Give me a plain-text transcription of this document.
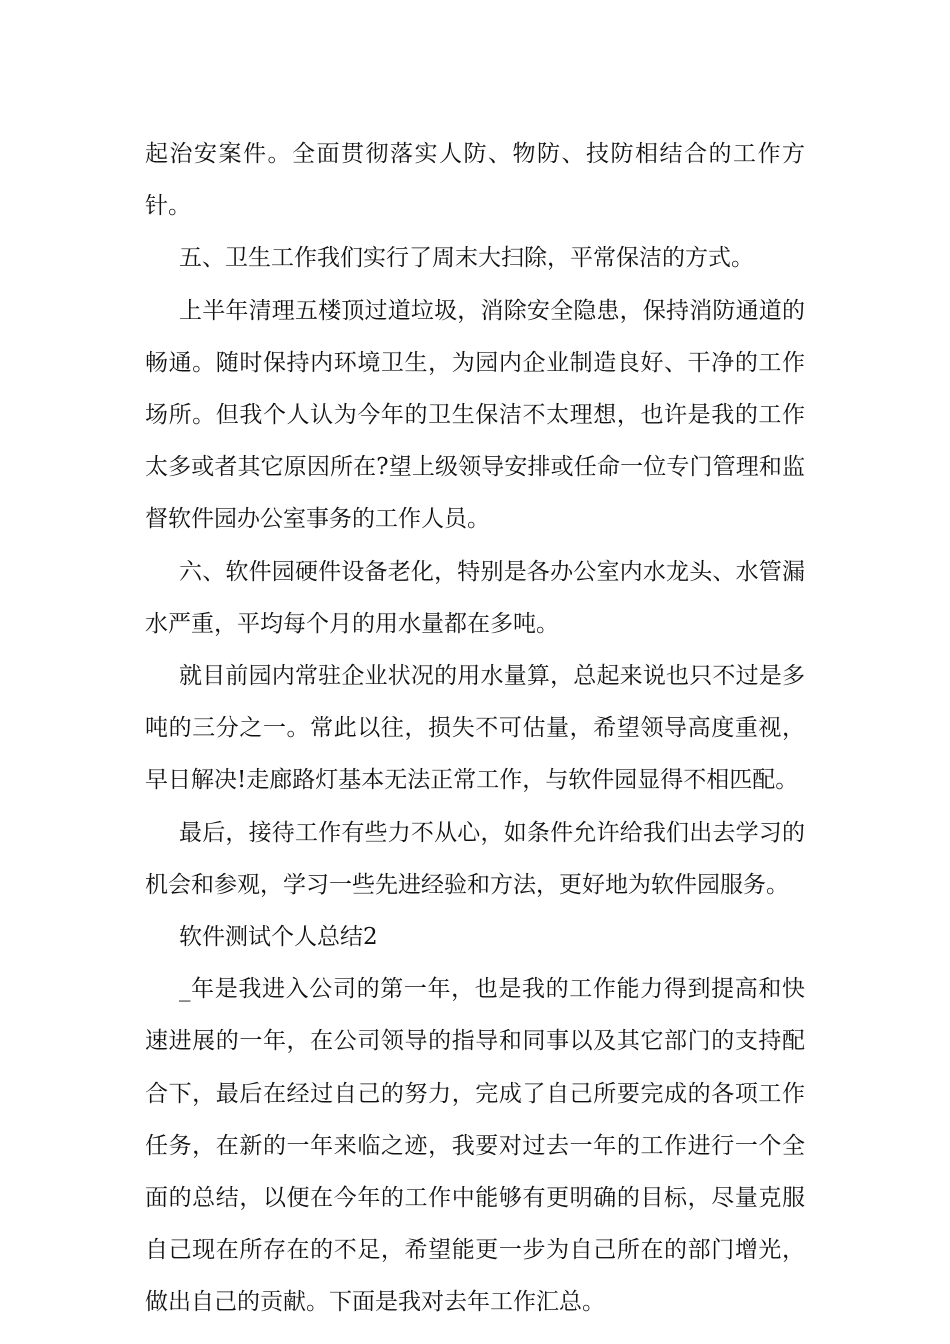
起治安案件。全面贯彻落实人防、物防、技防相结合的工作方针。

五、卫生工作我们实行了周末大扫除，平常保洁的方式。

上半年清理五楼顶过道垃圾，消除安全隐患，保持消防通道的畅通。随时保持内环境卫生，为园内企业制造良好、干净的工作场所。但我个人认为今年的卫生保洁不太理想，也许是我的工作太多或者其它原因所在?望上级领导安排或任命一位专门管理和监督软件园办公室事务的工作人员。

六、软件园硬件设备老化，特别是各办公室内水龙头、水管漏水严重，平均每个月的用水量都在多吨。

就目前园内常驻企业状况的用水量算，总起来说也只不过是多吨的三分之一。常此以往，损失不可估量，希望领导高度重视，早日解决!走廊路灯基本无法正常工作，与软件园显得不相匹配。

最后，接待工作有些力不从心，如条件允许给我们出去学习的机会和参观，学习一些先进经验和方法，更好地为软件园服务。

软件测试个人总结2

_年是我进入公司的第一年，也是我的工作能力得到提高和快速进展的一年，在公司领导的指导和同事以及其它部门的支持配合下，最后在经过自己的努力，完成了自己所要完成的各项工作任务，在新的一年来临之迹，我要对过去一年的工作进行一个全面的总结，以便在今年的工作中能够有更明确的目标，尽量克服自己现在所存在的不足，希望能更一步为自己所在的部门增光，做出自己的贡献。下面是我对去年工作汇总。
